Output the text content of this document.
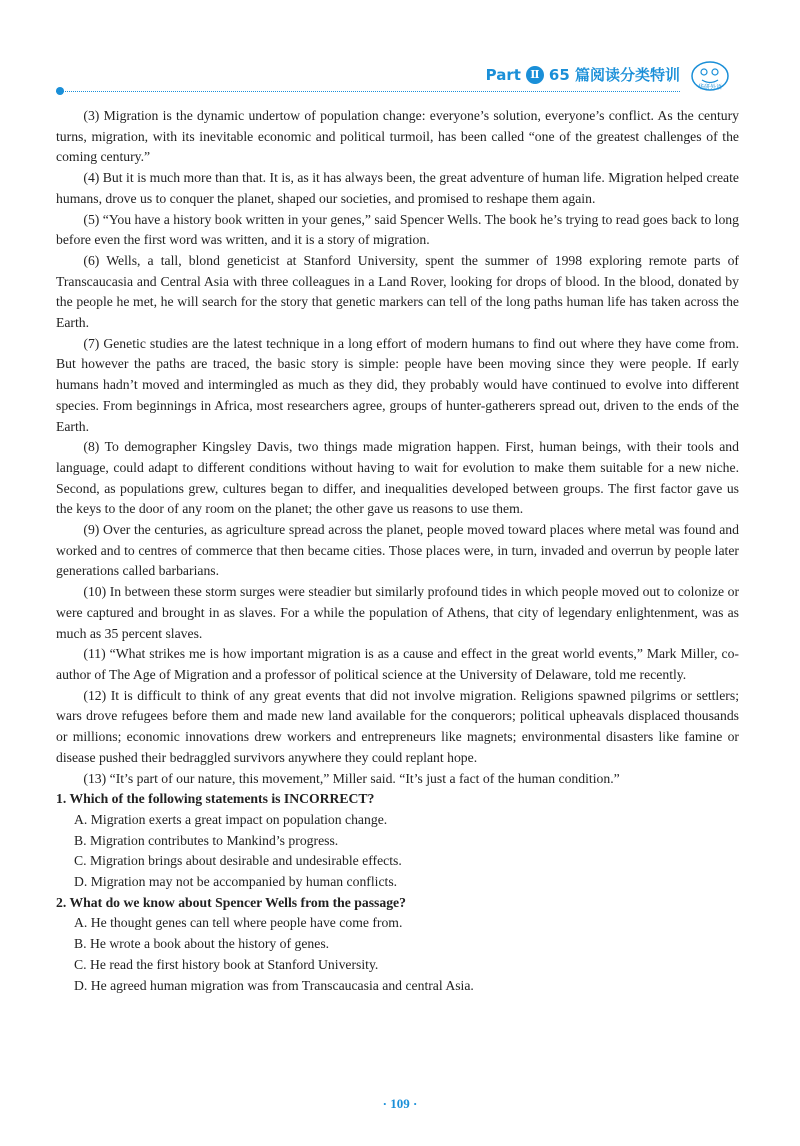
Part Ⅱ 65 篇阅读分类特训
华研外语

(3) Migration is the dynamic undertow of population change: everyone’s solution, everyone’s conflict. As the century turns, migration, with its inevitable economic and political turmoil, has been called “one of the greatest challenges of the coming century.”

(4) But it is much more than that. It is, as it has always been, the great adventure of human life. Migration helped create humans, drove us to conquer the planet, shaped our societies, and promised to reshape them again.

(5) “You have a history book written in your genes,” said Spencer Wells. The book he’s trying to read goes back to long before even the first word was written, and it is a story of migration.

(6) Wells, a tall, blond geneticist at Stanford University, spent the summer of 1998 exploring remote parts of Transcaucasia and Central Asia with three colleagues in a Land Rover, looking for drops of blood. In the blood, donated by the people he met, he will search for the story that genetic markers can tell of the long paths human life has taken across the Earth.

(7) Genetic studies are the latest technique in a long effort of modern humans to find out where they have come from. But however the paths are traced, the basic story is simple: people have been moving since they were people. If early humans hadn’t moved and intermingled as much as they did, they probably would have continued to evolve into different species. From beginnings in Africa, most researchers agree, groups of hunter-gatherers spread out, driven to the ends of the Earth.

(8) To demographer Kingsley Davis, two things made migration happen. First, human beings, with their tools and language, could adapt to different conditions without having to wait for evolution to make them suitable for a new niche. Second, as populations grew, cultures began to differ, and inequalities developed between groups. The first factor gave us the keys to the door of any room on the planet; the other gave us reasons to use them.

(9) Over the centuries, as agriculture spread across the planet, people moved toward places where metal was found and worked and to centres of commerce that then became cities. Those places were, in turn, invaded and overrun by people later generations called barbarians.

(10) In between these storm surges were steadier but similarly profound tides in which people moved out to colonize or were captured and brought in as slaves. For a while the population of Athens, that city of legendary enlightenment, was as much as 35 percent slaves.

(11) “What strikes me is how important migration is as a cause and effect in the great world events,” Mark Miller, co-author of The Age of Migration and a professor of political science at the University of Delaware, told me recently.

(12) It is difficult to think of any great events that did not involve migration. Religions spawned pilgrims or settlers; wars drove refugees before them and made new land available for the conquerors; political upheavals displaced thousands or millions; economic innovations drew workers and entrepreneurs like magnets; environmental disasters like famine or disease pushed their bedraggled survivors anywhere they could replant hope.

(13) “It’s part of our nature, this movement,” Miller said. “It’s just a fact of the human condition.”

1. Which of the following statements is INCORRECT?

A. Migration exerts a great impact on population change.

B. Migration contributes to Mankind’s progress.

C. Migration brings about desirable and undesirable effects.

D. Migration may not be accompanied by human conflicts.

2. What do we know about Spencer Wells from the passage?

A. He thought genes can tell where people have come from.

B. He wrote a book about the history of genes.

C. He read the first history book at Stanford University.

D. He agreed human migration was from Transcaucasia and central Asia.

· 109 ·
